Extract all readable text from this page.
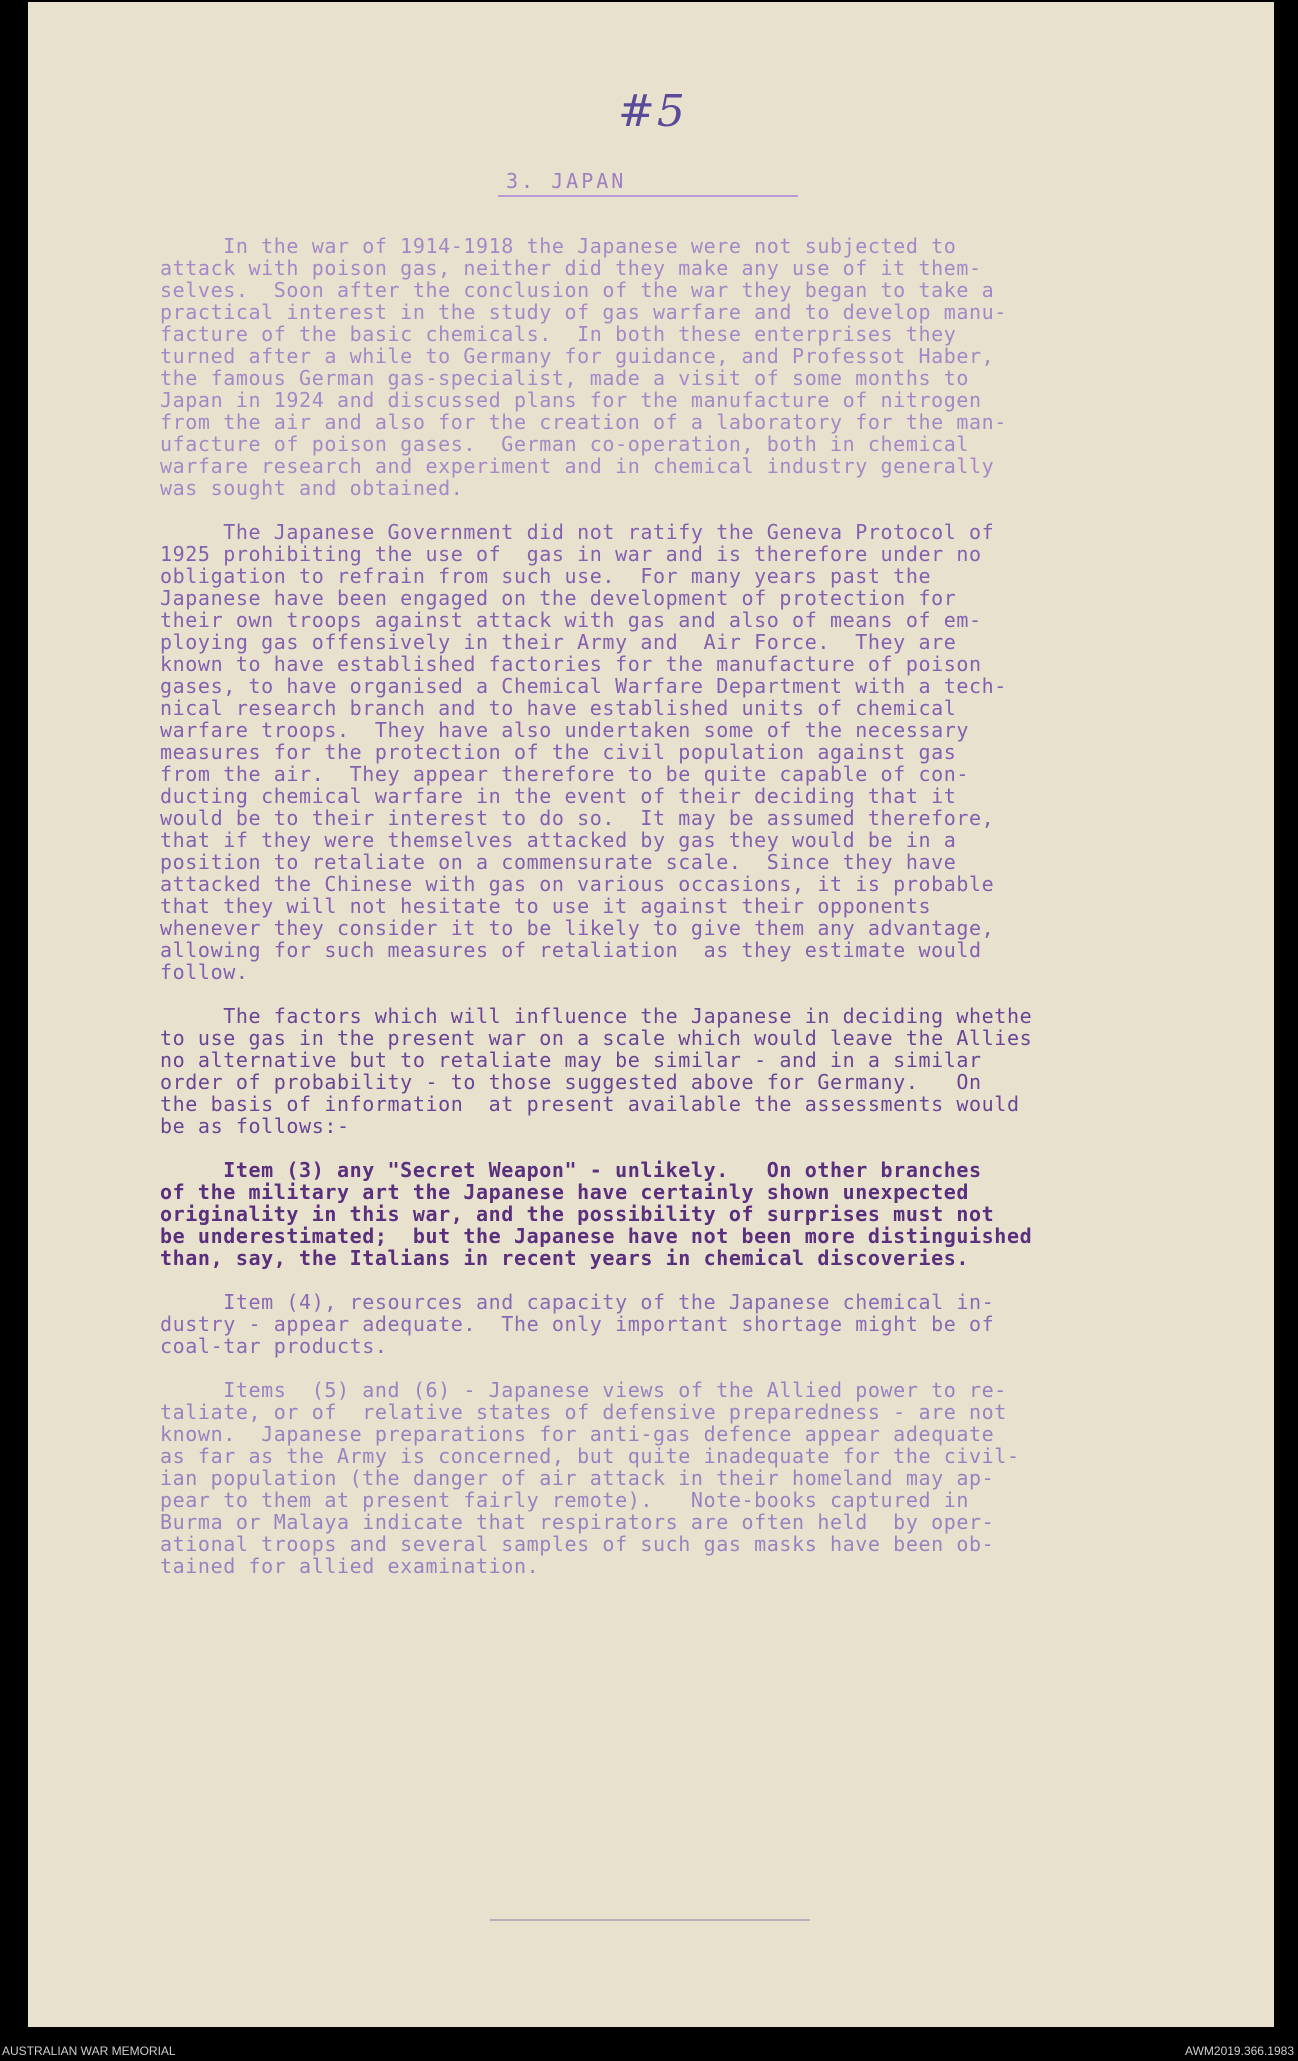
#5
3. JAPAN

In the war of 1914-1918 the Japanese were not subjected to
attack with poison gas, neither did they make any use of it them-
selves.  Soon after the conclusion of the war they began to take a
practical interest in the study of gas warfare and to develop manu-
facture of the basic chemicals.  In both these enterprises they
turned after a while to Germany for guidance, and Professot Haber,
the famous German gas-specialist, made a visit of some months to
Japan in 1924 and discussed plans for the manufacture of nitrogen
from the air and also for the creation of a laboratory for the man-
ufacture of poison gases.  German co-operation, both in chemical
warfare research and experiment and in chemical industry generally
was sought and obtained.

The Japanese Government did not ratify the Geneva Protocol of
1925 prohibiting the use of  gas in war and is therefore under no
obligation to refrain from such use.  For many years past the
Japanese have been engaged on the development of protection for
their own troops against attack with gas and also of means of em-
ploying gas offensively in their Army and  Air Force.  They are
known to have established factories for the manufacture of poison
gases, to have organised a Chemical Warfare Department with a tech-
nical research branch and to have established units of chemical
warfare troops.  They have also undertaken some of the necessary
measures for the protection of the civil population against gas
from the air.  They appear therefore to be quite capable of con-
ducting chemical warfare in the event of their deciding that it
would be to their interest to do so.  It may be assumed therefore,
that if they were themselves attacked by gas they would be in a
position to retaliate on a commensurate scale.  Since they have
attacked the Chinese with gas on various occasions, it is probable
that they will not hesitate to use it against their opponents
whenever they consider it to be likely to give them any advantage,
allowing for such measures of retaliation  as they estimate would
follow.

The factors which will influence the Japanese in deciding whethe
to use gas in the present war on a scale which would leave the Allies
no alternative but to retaliate may be similar - and in a similar
order of probability - to those suggested above for Germany.   On
the basis of information  at present available the assessments would
be as follows:-

Item (3) any "Secret Weapon" - unlikely.   On other branches
of the military art the Japanese have certainly shown unexpected
originality in this war, and the possibility of surprises must not
be underestimated;  but the Japanese have not been more distinguished
than, say, the Italians in recent years in chemical discoveries.

Item (4), resources and capacity of the Japanese chemical in-
dustry - appear adequate.  The only important shortage might be of
coal-tar products.

Items  (5) and (6) - Japanese views of the Allied power to re-
taliate, or of  relative states of defensive preparedness - are not
known.  Japanese preparations for anti-gas defence appear adequate
as far as the Army is concerned, but quite inadequate for the civil-
ian population (the danger of air attack in their homeland may ap-
pear to them at present fairly remote).   Note-books captured in
Burma or Malaya indicate that respirators are often held  by oper-
ational troops and several samples of such gas masks have been ob-
tained for allied examination.

AUSTRALIAN WAR MEMORIAL	AWM2019.366.1983
